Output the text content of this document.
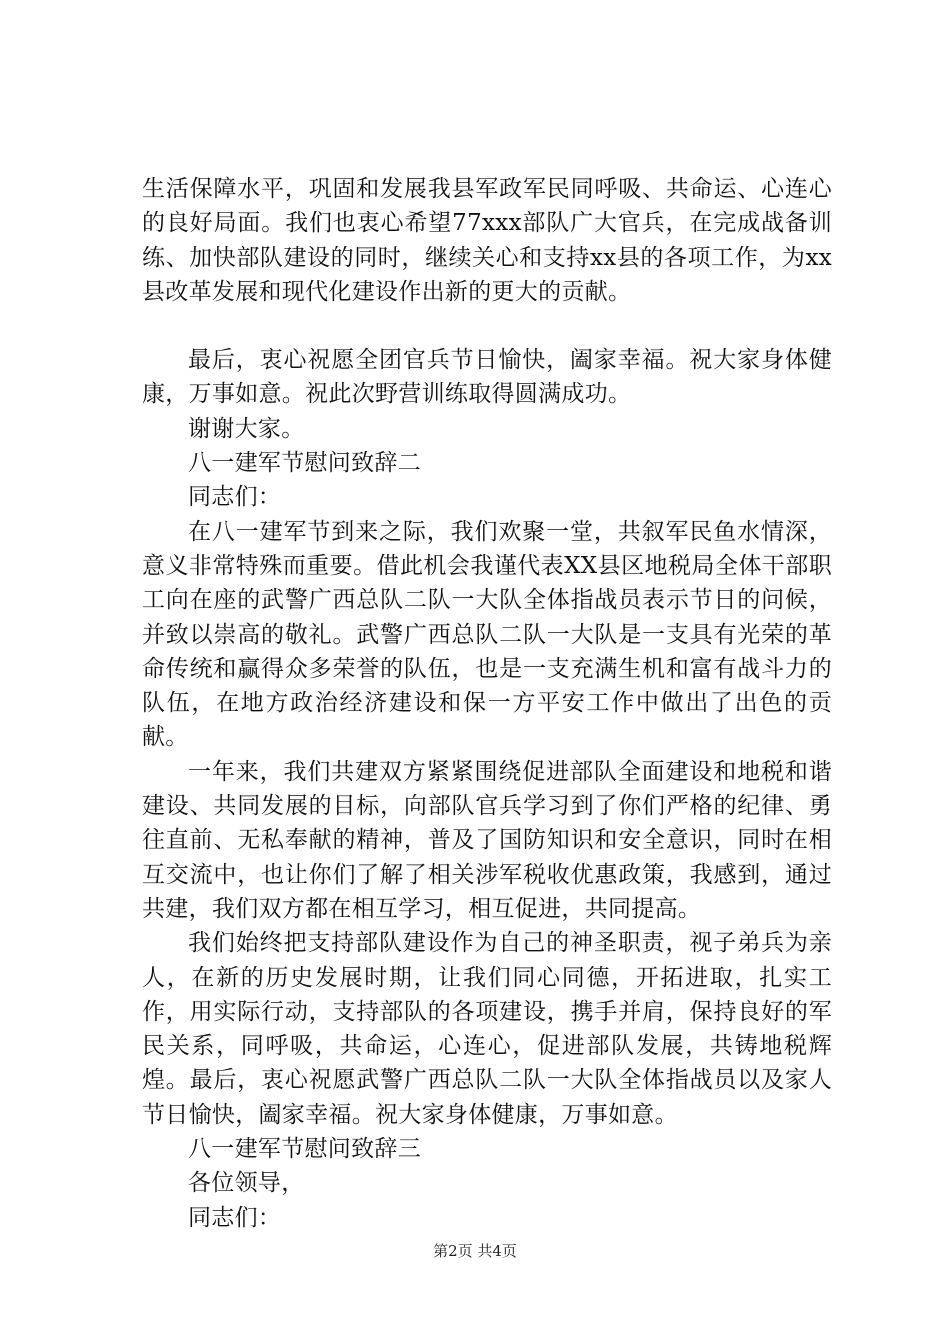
生活保障水平，巩固和发展我县军政军民同呼吸、共命运、心连心的良好局面。我们也衷心希望77xxx部队广大官兵，在完成战备训练、加快部队建设的同时，继续关心和支持xx县的各项工作，为xx县改革发展和现代化建设作出新的更大的贡献。

最后，衷心祝愿全团官兵节日愉快，阖家幸福。祝大家身体健康，万事如意。祝此次野营训练取得圆满成功。

谢谢大家。

八一建军节慰问致辞二

同志们：

在八一建军节到来之际，我们欢聚一堂，共叙军民鱼水情深，意义非常特殊而重要。借此机会我谨代表XX县区地税局全体干部职工向在座的武警广西总队二队一大队全体指战员表示节日的问候，并致以崇高的敬礼。武警广西总队二队一大队是一支具有光荣的革命传统和赢得众多荣誉的队伍，也是一支充满生机和富有战斗力的队伍，在地方政治经济建设和保一方平安工作中做出了出色的贡献。

一年来，我们共建双方紧紧围绕促进部队全面建设和地税和谐建设、共同发展的目标，向部队官兵学习到了你们严格的纪律、勇往直前、无私奉献的精神，普及了国防知识和安全意识，同时在相互交流中，也让你们了解了相关涉军税收优惠政策，我感到，通过共建，我们双方都在相互学习，相互促进，共同提高。

我们始终把支持部队建设作为自己的神圣职责，视子弟兵为亲人，在新的历史发展时期，让我们同心同德，开拓进取，扎实工作，用实际行动，支持部队的各项建设，携手并肩，保持良好的军民关系，同呼吸，共命运，心连心，促进部队发展，共铸地税辉煌。最后，衷心祝愿武警广西总队二队一大队全体指战员以及家人节日愉快，阖家幸福。祝大家身体健康，万事如意。

八一建军节慰问致辞三

各位领导，

同志们：

第2页 共4页
